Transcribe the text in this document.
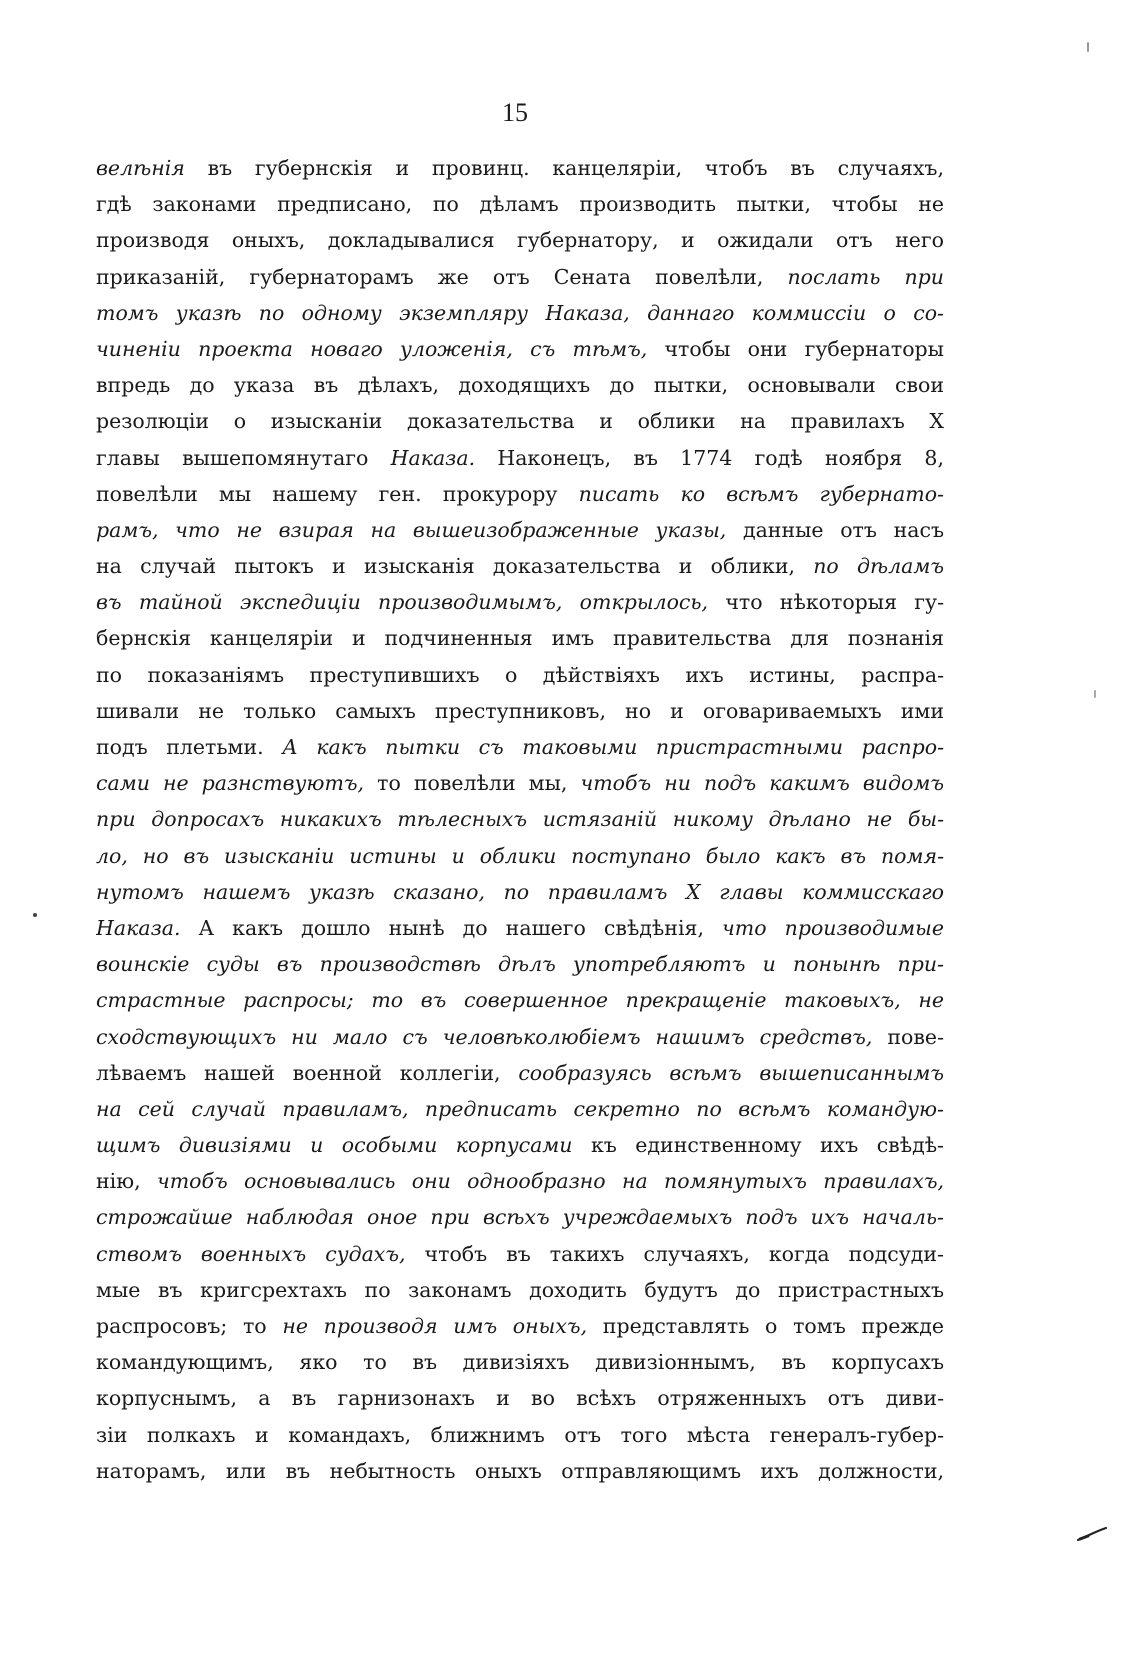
15
велѣнія въ губернскія и провинц. канцеляріи, чтобъ въ случаяхъ,
гдѣ законами предписано, по дѣламъ производить пытки, чтобы не
производя оныхъ, докладывалися губернатору, и ожидали отъ него
приказаній, губернаторамъ же отъ Сената повелѣли, послать при
томъ указѣ по одному экземпляру Наказа, даннаго коммиссіи о со-
чиненіи проекта новаго уложенія, съ тѣмъ, чтобы они губернаторы
впредь до указа въ дѣлахъ, доходящихъ до пытки, основывали свои
резолюціи о изысканіи доказательства и облики на правилахъ X
главы вышепомянутаго Наказа. Наконецъ, въ 1774 годѣ ноября 8,
повелѣли мы нашему ген. прокурору писать ко всѣмъ губернато-
рамъ, что не взирая на вышеизображенные указы, данные отъ насъ
на случай пытокъ и изысканія доказательства и облики, по дѣламъ
въ тайной экспедиціи производимымъ, открылось, что нѣкоторыя гу-
бернскія канцеляріи и подчиненныя имъ правительства для познанія
по показаніямъ преступившихъ о дѣйствіяхъ ихъ истины, распра-
шивали не только самыхъ преступниковъ, но и оговариваемыхъ ими
подъ плетьми. А какъ пытки съ таковыми пристрастными распро-
сами не разнствуютъ, то повелѣли мы, чтобъ ни подъ какимъ видомъ
при допросахъ никакихъ тѣлесныхъ истязаній никому дѣлано не бы-
ло, но въ изысканіи истины и облики поступано было какъ въ помя-
нутомъ нашемъ указѣ сказано, по правиламъ X главы коммисскаго
Наказа. А какъ дошло нынѣ до нашего свѣдѣнія, что производимые
воинскіе суды въ производствѣ дѣлъ употребляютъ и понынѣ при-
страстные распросы; то въ совершенное прекращеніе таковыхъ, не
сходствующихъ ни мало съ человѣколюбіемъ нашимъ средствъ, пове-
лѣваемъ нашей военной коллегіи, сообразуясь всѣмъ вышеписаннымъ
на сей случай правиламъ, предписать секретно по всѣмъ командую-
щимъ дивизіями и особыми корпусами къ единственному ихъ свѣдѣ-
нію, чтобъ основывались они однообразно на помянутыхъ правилахъ,
строжайше наблюдая оное при всѣхъ учреждаемыхъ подъ ихъ началь-
ствомъ военныхъ судахъ, чтобъ въ такихъ случаяхъ, когда подсуди-
мые въ кригсрехтахъ по законамъ доходить будутъ до пристрастныхъ
распросовъ; то не производя имъ оныхъ, представлять о томъ прежде
командующимъ, яко то въ дивизіяхъ дивизіоннымъ, въ корпусахъ
корпуснымъ, а въ гарнизонахъ и во всѣхъ отряженныхъ отъ диви-
зіи полкахъ и командахъ, ближнимъ отъ того мѣста генералъ-губер-
наторамъ, или въ небытность оныхъ отправляющимъ ихъ должности,
